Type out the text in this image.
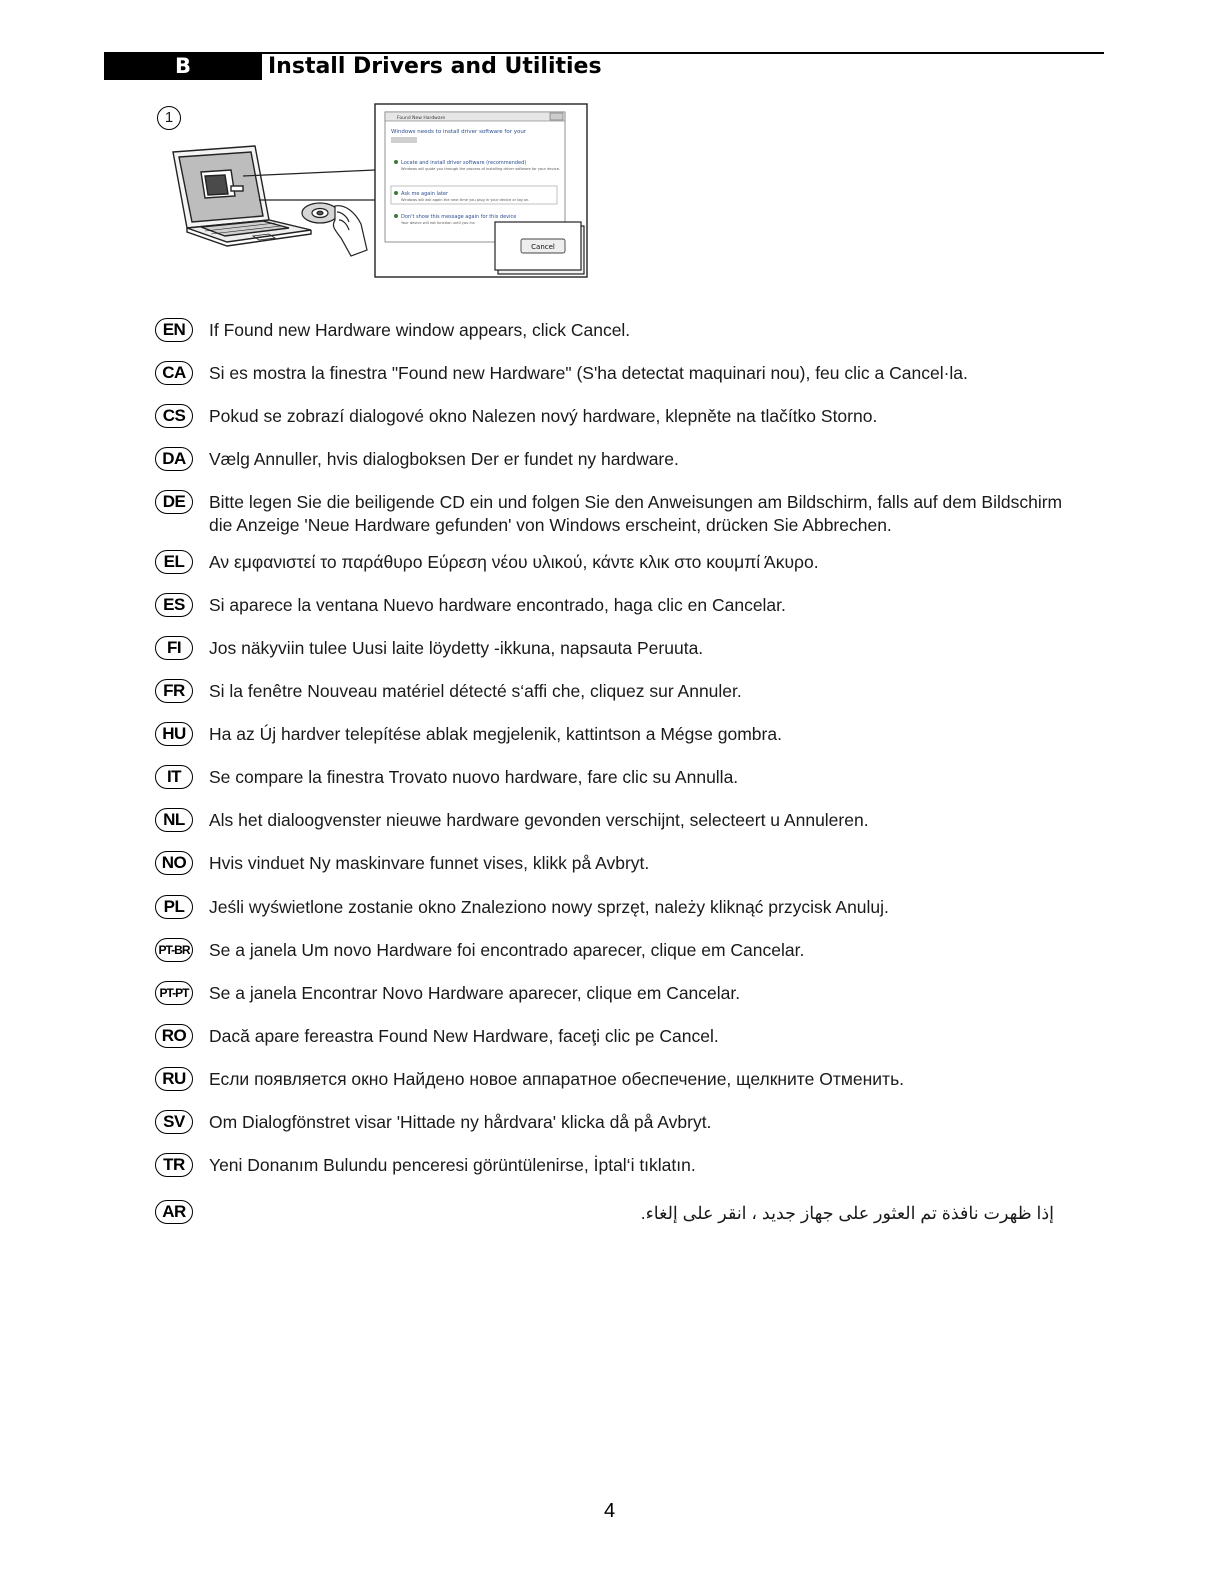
B	Install Drivers and Utilities
1	Found New Hardware
Windows needs to install driver software for your
Locate and install driver software (recommended)
Windows will guide you through the process of installing driver software for your device.
Ask me again later
Windows will ask again the next time you plug in your device or log on.
Don't show this message again for this device
Your device will not function until you ins
Cancel
EN	If Found new Hardware window appears, click Cancel.
CA	Si es mostra la finestra "Found new Hardware" (S'ha detectat maquinari nou), feu clic a Cancel·la.
CS	Pokud se zobrazí dialogové okno Nalezen nový hardware, klepněte na tlačítko Storno.
DA	Vælg Annuller, hvis dialogboksen Der er fundet ny hardware.
DE	Bitte legen Sie die beiligende CD ein und folgen Sie den Anweisungen am Bildschirm, falls auf dem Bildschirm die Anzeige 'Neue Hardware gefunden' von Windows erscheint, drücken Sie Abbrechen.
EL	Αν εμφανιστεί το παράθυρο Εύρεση νέου υλικού, κάντε κλικ στο κουμπί Άκυρο.
ES	Si aparece la ventana Nuevo hardware encontrado, haga clic en Cancelar.
FI	Jos näkyviin tulee Uusi laite löydetty -ikkuna, napsauta Peruuta.
FR	Si la fenêtre Nouveau matériel détecté s‘affi che, cliquez sur Annuler.
HU	Ha az Új hardver telepítése ablak megjelenik, kattintson a Mégse gombra.
IT	Se compare la finestra Trovato nuovo hardware, fare clic su Annulla.
NL	Als het dialoogvenster nieuwe hardware gevonden verschijnt, selecteert u Annuleren.
NO	Hvis vinduet Ny maskinvare funnet vises, klikk på Avbryt.
PL	Jeśli wyświetlone zostanie okno Znaleziono nowy sprzęt, należy kliknąć przycisk Anuluj.
PT-BR Se a janela Um novo Hardware foi encontrado aparecer, clique em Cancelar.
PT-PT Se a janela Encontrar Novo Hardware aparecer, clique em Cancelar.
RO	Dacă apare fereastra Found New Hardware, faceţi clic pe Cancel.
RU	Если появляется окно Найдено новое аппаратное обеспечение, щелкните Отменить.
SV	Om Dialogfönstret visar 'Hittade ny hårdvara' klicka då på Avbryt.
TR	Yeni Donanım Bulundu penceresi görüntülenirse, İptal‘i tıklatın.
AR	إذا ظهرت نافذة تم العثور على جهاز جديد ، انقر على إلغاء.
4
